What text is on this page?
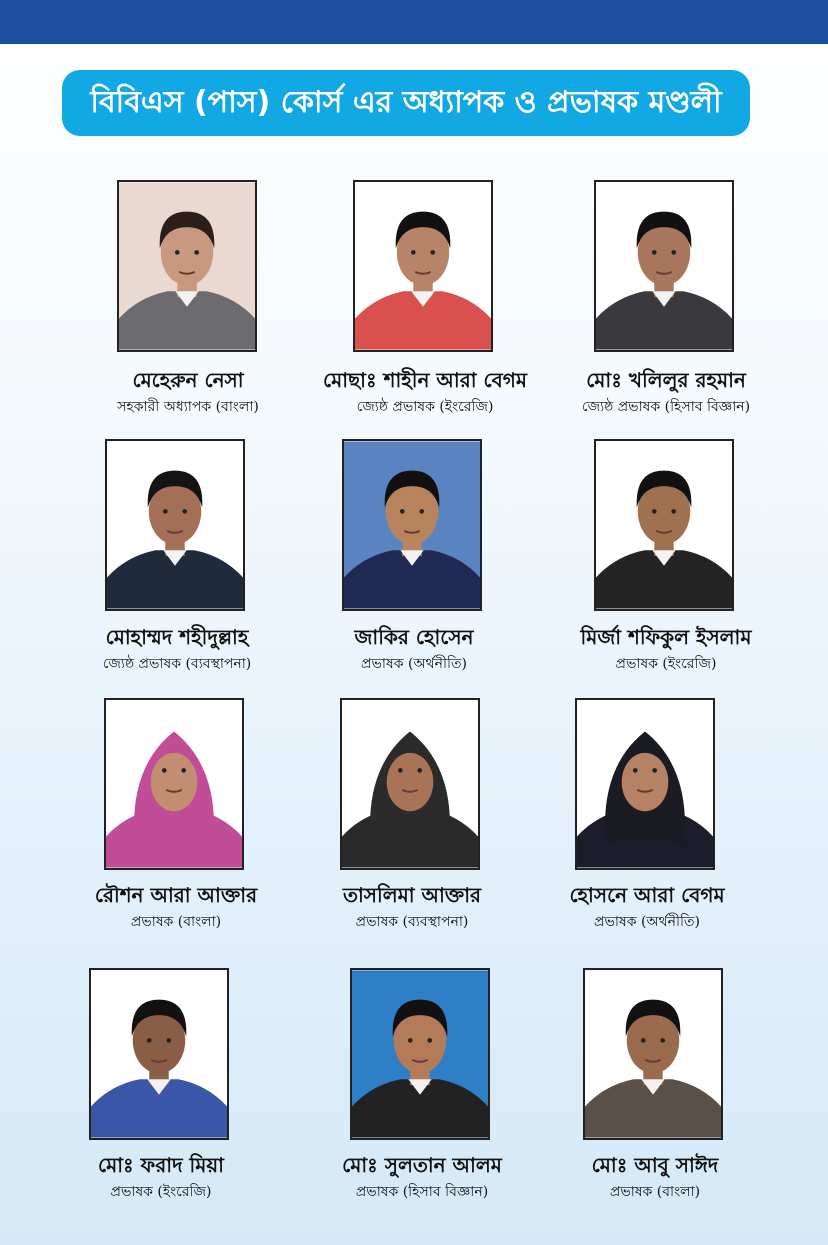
বিবিএস (পাস) কোর্স এর অধ্যাপক ও প্রভাষক মণ্ডলী
মেহেরুন নেসা
সহকারী অধ্যাপক (বাংলা)
মোছাঃ শাহীন আরা বেগম
জ্যেষ্ঠ প্রভাষক (ইংরেজি)
মোঃ খলিলুর রহমান
জ্যেষ্ঠ প্রভাষক (হিসাব বিজ্ঞান)
মোহাম্মদ শহীদুল্লাহ
জ্যেষ্ঠ প্রভাষক (ব্যবস্থাপনা)
জাকির হোসেন
প্রভাষক (অর্থনীতি)
মির্জা শফিকুল ইসলাম
প্রভাষক (ইংরেজি)
রৌশন আরা আক্তার
প্রভাষক (বাংলা)
তাসলিমা আক্তার
প্রভাষক (ব্যবস্থাপনা)
হোসনে আরা বেগম
প্রভাষক (অর্থনীতি)
মোঃ ফরাদ মিয়া
প্রভাষক (ইংরেজি)
মোঃ সুলতান আলম
প্রভাষক (হিসাব বিজ্ঞান)
মোঃ আবু সাঈদ
প্রভাষক (বাংলা)
